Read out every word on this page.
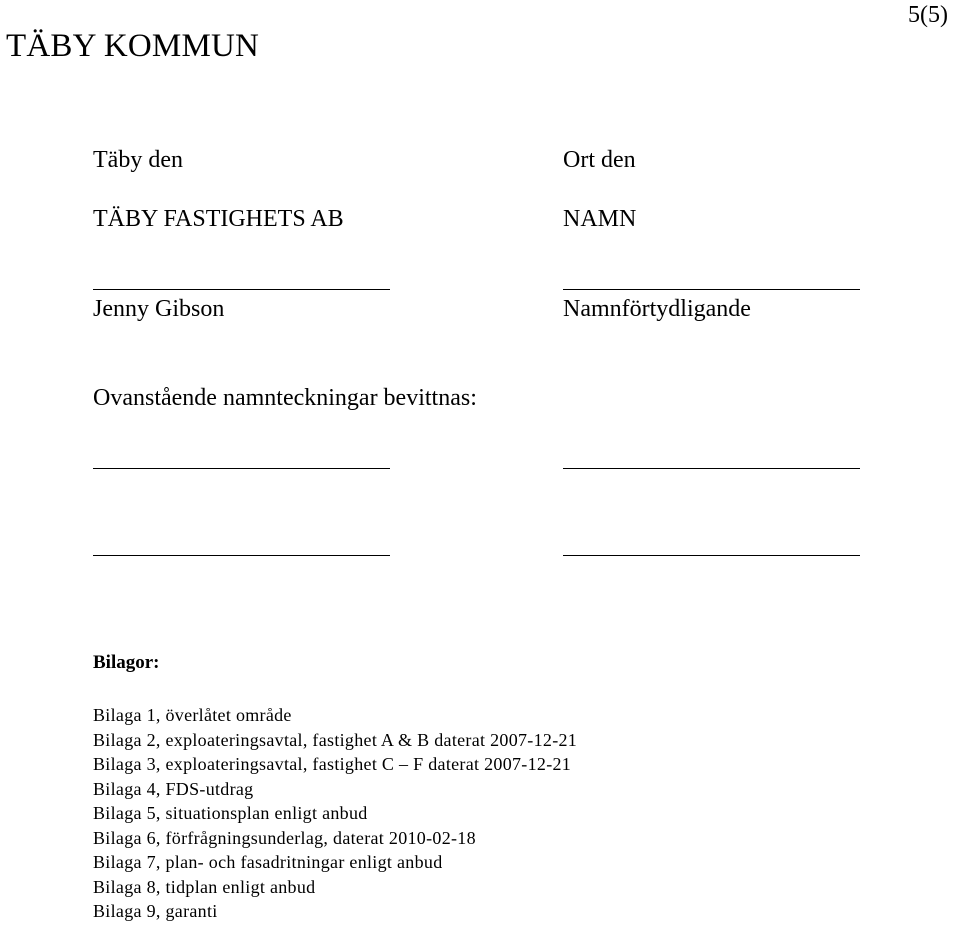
5(5)
TÄBY KOMMUN
Täby den
TÄBY FASTIGHETS AB
Jenny Gibson
Ort den
NAMN
Namnförtydligande
Ovanstående namnteckningar bevittnas:
Bilagor:
Bilaga 1, överlåtet område
Bilaga 2, exploateringsavtal, fastighet A & B daterat 2007-12-21
Bilaga 3, exploateringsavtal, fastighet C – F daterat 2007-12-21
Bilaga 4, FDS-utdrag
Bilaga 5, situationsplan enligt anbud
Bilaga 6, förfrågningsunderlag, daterat 2010-02-18
Bilaga 7, plan- och fasadritningar enligt anbud
Bilaga 8, tidplan enligt anbud
Bilaga 9, garanti
